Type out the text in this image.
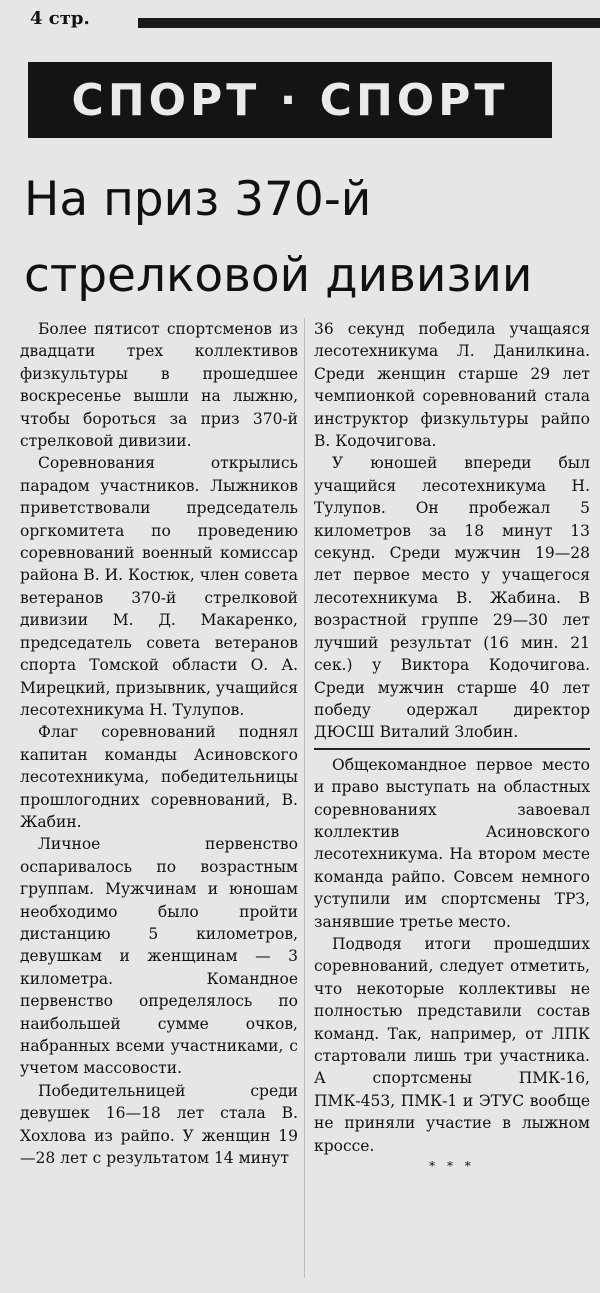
4 стр.
СПОРТ · СПОРТ
На приз 370-й стрелковой дивизии

Более пятисот спортсменов из двадцати трех коллективов физкультуры в прошедшее воскресенье вышли на лыжню, чтобы бороться за приз 370-й стрелковой дивизии.

Соревнования открылись парадом участников. Лыжников приветствовали председатель оргкомитета по проведению соревнований военный комиссар района В. И. Костюк, член совета ветеранов 370-й стрелковой дивизии М. Д. Макаренко, председатель совета ветеранов спорта Томской области О. А. Мирецкий, призывник, учащийся лесотехникума Н. Тулупов.

Флаг соревнований поднял капитан команды Асиновского лесотехникума, победительницы прошлогодних соревнований, В. Жабин.

Личное первенство оспаривалось по возрастным группам. Мужчинам и юношам необходимо было пройти дистанцию 5 километров, девушкам и женщинам — 3 километра. Командное первенство определялось по наибольшей сумме очков, набранных всеми участниками, с учетом массовости.

Победительницей среди девушек 16—18 лет стала В. Хохлова из райпо. У женщин 19—28 лет с результатом 14 минут

36 секунд победила учащаяся лесотехникума Л. Данилкина. Среди женщин старше 29 лет чемпионкой соревнований стала инструктор физкультуры райпо В. Кодочигова.

У юношей впереди был учащийся лесотехникума Н. Тулупов. Он пробежал 5 километров за 18 минут 13 секунд. Среди мужчин 19—28 лет первое место у учащегося лесотехникума В. Жабина. В возрастной группе 29—30 лет лучший результат (16 мин. 21 сек.) у Виктора Кодочигова. Среди мужчин старше 40 лет победу одержал директор ДЮСШ Виталий Злобин.

Общекомандное первое место и право выступать на областных соревнованиях завоевал коллектив Асиновского лесотехникума. На втором месте команда райпо. Совсем немного уступили им спортсмены ТРЗ, занявшие третье место.

Подводя итоги прошедших соревнований, следует отметить, что некоторые коллективы не полностью представили состав команд. Так, например, от ЛПК стартовали лишь три участника. А спортсмены ПМК-16, ПМК-453, ПМК-1 и ЭТУС вообще не приняли участие в лыжном кроссе.

* * *
